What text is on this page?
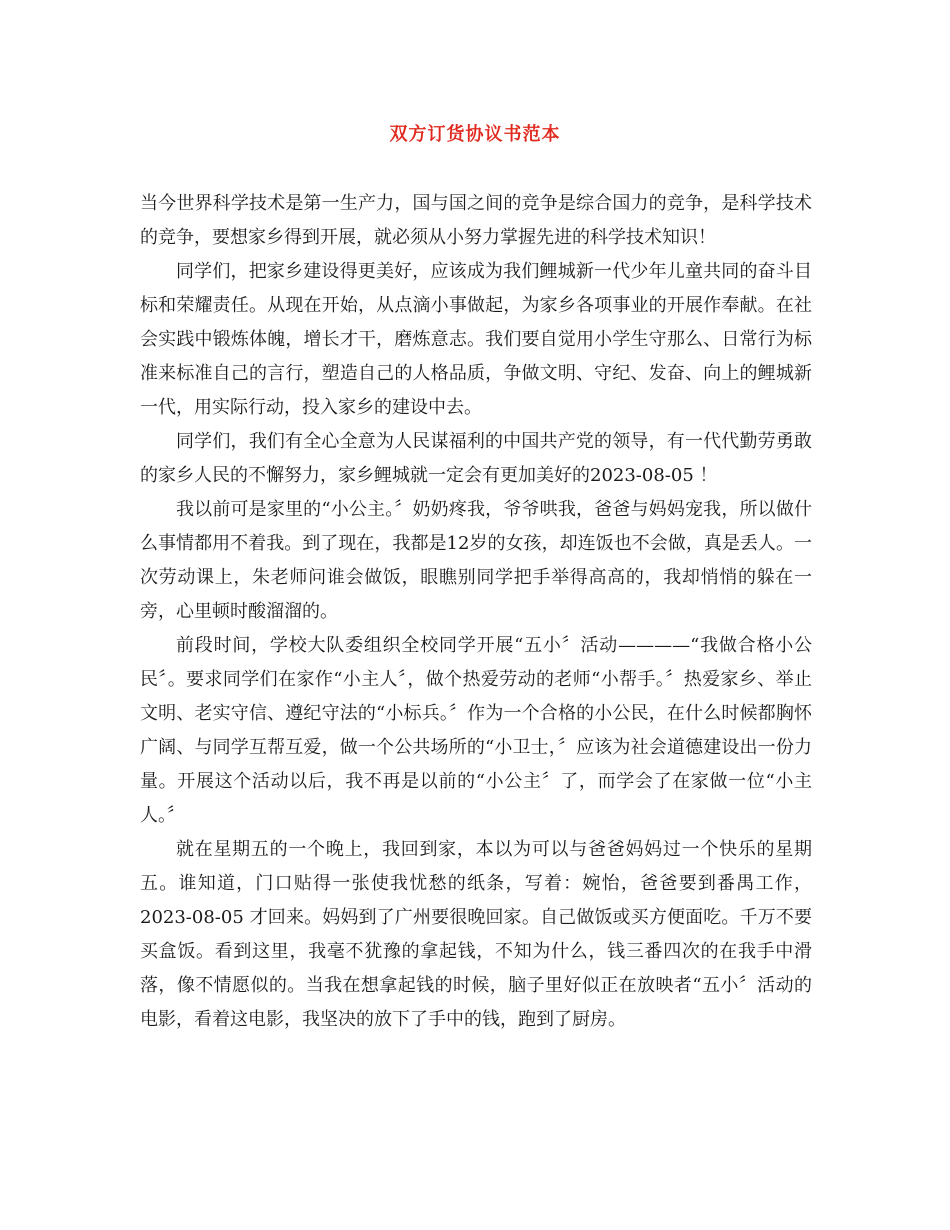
双方订货协议书范本

当今世界科学技术是第一生产力，国与国之间的竞争是综合国力的竞争，是科学技术的竞争，要想家乡得到开展，就必须从小努力掌握先进的科学技术知识！

同学们，把家乡建设得更美好，应该成为我们鲤城新一代少年儿童共同的奋斗目标和荣耀责任。从现在开始，从点滴小事做起，为家乡各项事业的开展作奉献。在社会实践中锻炼体魄，增长才干，磨炼意志。我们要自觉用小学生守那么、日常行为标准来标准自己的言行，塑造自己的人格品质，争做文明、守纪、发奋、向上的鲤城新一代，用实际行动，投入家乡的建设中去。

同学们，我们有全心全意为人民谋福利的中国共产党的领导，有一代代勤劳勇敢的家乡人民的不懈努力，家乡鲤城就一定会有更加美好的2023-08-05 ！

我以前可是家里的“小公主。〞奶奶疼我，爷爷哄我，爸爸与妈妈宠我，所以做什么事情都用不着我。到了现在，我都是12岁的女孩，却连饭也不会做，真是丢人。一次劳动课上，朱老师问谁会做饭，眼瞧别同学把手举得高高的，我却悄悄的躲在一旁，心里顿时酸溜溜的。

前段时间，学校大队委组织全校同学开展“五小〞活动————“我做合格小公民〞。要求同学们在家作“小主人〞，做个热爱劳动的老师“小帮手。〞热爱家乡、举止文明、老实守信、遵纪守法的“小标兵。〞作为一个合格的小公民，在什么时候都胸怀广阔、与同学互帮互爱，做一个公共场所的“小卫士，〞应该为社会道德建设出一份力量。开展这个活动以后，我不再是以前的“小公主〞了，而学会了在家做一位“小主人。〞

就在星期五的一个晚上，我回到家，本以为可以与爸爸妈妈过一个快乐的星期五。谁知道，门口贴得一张使我忧愁的纸条，写着：婉怡，爸爸要到番禺工作，2023-08-05 才回来。妈妈到了广州要很晚回家。自己做饭或买方便面吃。千万不要买盒饭。看到这里，我毫不犹豫的拿起钱，不知为什么，钱三番四次的在我手中滑落，像不情愿似的。当我在想拿起钱的时候，脑子里好似正在放映者“五小〞活动的电影，看着这电影，我坚决的放下了手中的钱，跑到了厨房。
